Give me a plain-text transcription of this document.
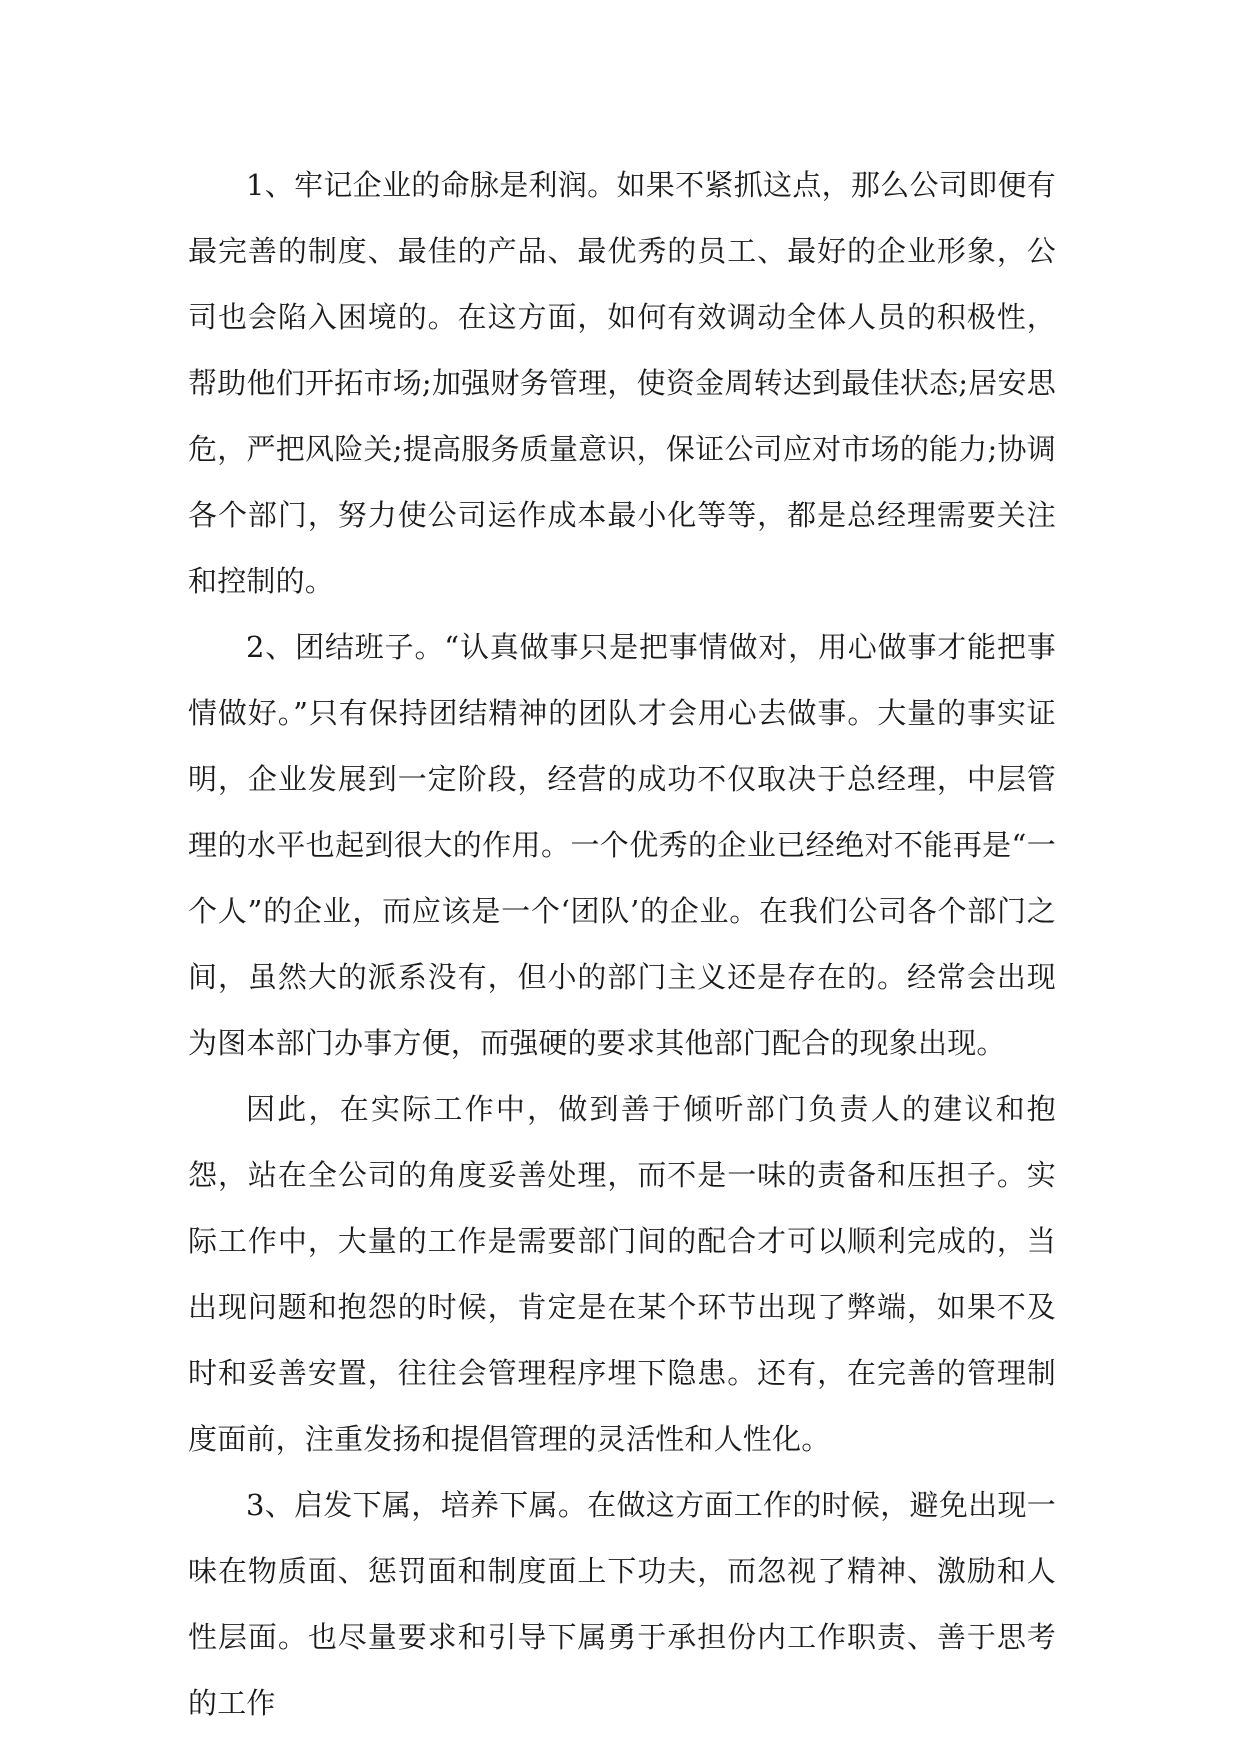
1、牢记企业的命脉是利润。如果不紧抓这点，那么公司即便有最完善的制度、最佳的产品、最优秀的员工、最好的企业形象，公司也会陷入困境的。在这方面，如何有效调动全体人员的积极性，帮助他们开拓市场;加强财务管理，使资金周转达到最佳状态;居安思危，严把风险关;提高服务质量意识，保证公司应对市场的能力;协调各个部门，努力使公司运作成本最小化等等，都是总经理需要关注和控制的。

2、团结班子。“认真做事只是把事情做对，用心做事才能把事情做好。”只有保持团结精神的团队才会用心去做事。大量的事实证明，企业发展到一定阶段，经营的成功不仅取决于总经理，中层管理的水平也起到很大的作用。一个优秀的企业已经绝对不能再是“一个人”的企业，而应该是一个‘团队’的企业。在我们公司各个部门之间，虽然大的派系没有，但小的部门主义还是存在的。经常会出现为图本部门办事方便，而强硬的要求其他部门配合的现象出现。

因此，在实际工作中，做到善于倾听部门负责人的建议和抱怨，站在全公司的角度妥善处理，而不是一味的责备和压担子。实际工作中，大量的工作是需要部门间的配合才可以顺利完成的，当出现问题和抱怨的时候，肯定是在某个环节出现了弊端，如果不及时和妥善安置，往往会管理程序埋下隐患。还有，在完善的管理制度面前，注重发扬和提倡管理的灵活性和人性化。

3、启发下属，培养下属。在做这方面工作的时候，避免出现一味在物质面、惩罚面和制度面上下功夫，而忽视了精神、激励和人性层面。也尽量要求和引导下属勇于承担份内工作职责、善于思考的工作
